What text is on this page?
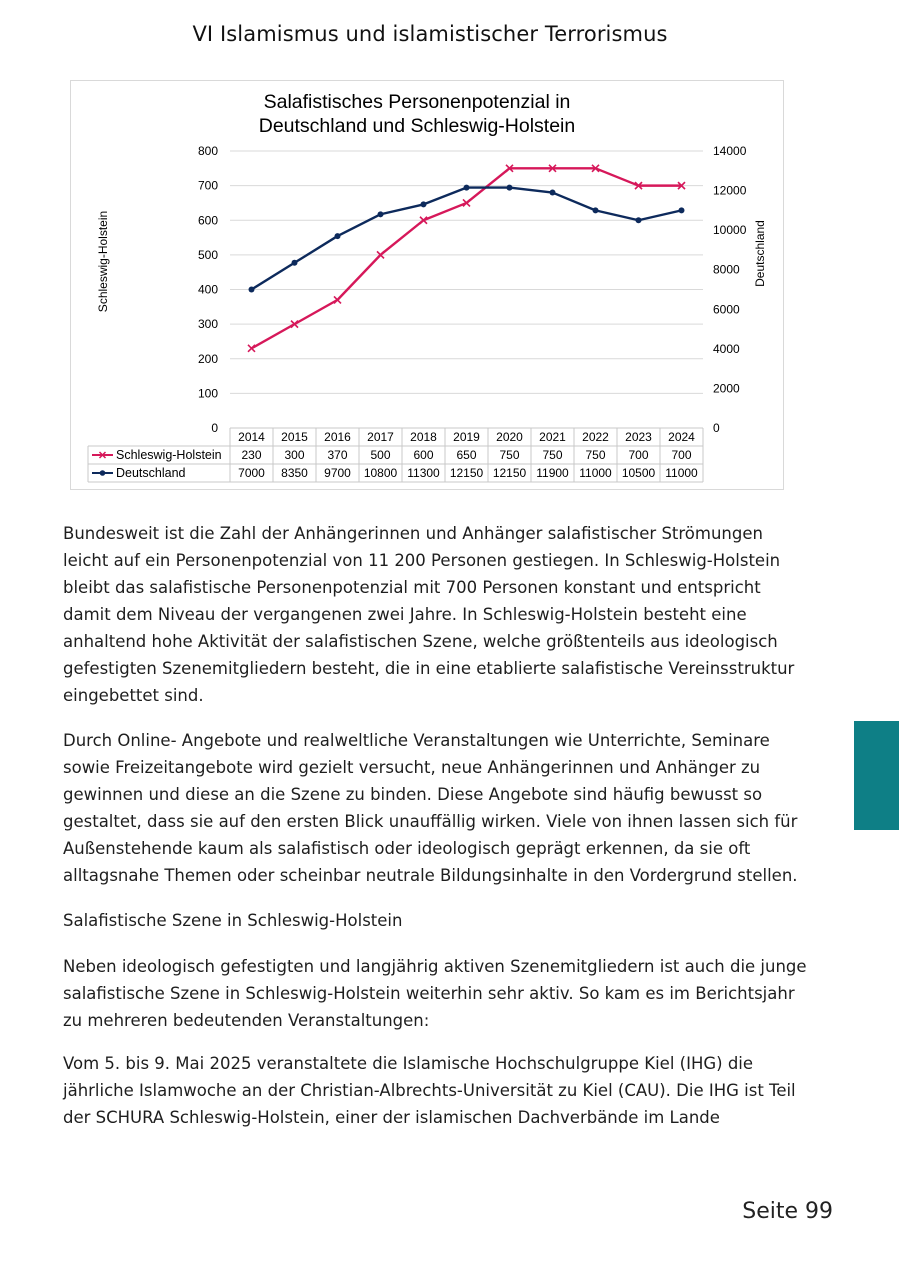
VI Islamismus und islamistischer Terrorismus
Salafistisches Personenpotenzial in
Deutschland und Schleswig-Holstein
0
100
200
300
400
500
600
700
800
0
2000
4000
6000
8000
10000
12000
14000
Schleswig-Holstein	Deutschland
2014 2015 2016 2017 2018 2019 2020 2021 2022 2023 2024
Schleswig-Holstein 230 300 370 500 600 650 750 750 750 700 700
Deutschland	7000 8350 9700 10800 11300 12150 12150 11900 11000 10500 11000
Bundesweit ist die Zahl der Anhängerinnen und Anhänger salafistischer Strömungen leicht auf ein Personenpotenzial von 11 200 Personen gestiegen. In Schleswig-Holstein bleibt das salafistische Personenpotenzial mit 700 Personen konstant und entspricht damit dem Niveau der vergangenen zwei Jahre. In Schleswig-Holstein besteht eine anhaltend hohe Aktivität der salafistischen Szene, welche größtenteils aus ideologisch gefestigten Szenemitgliedern besteht, die in eine etablierte salafistische Vereinsstruktur eingebettet sind.
Durch Online- Angebote und realweltliche Veranstaltungen wie Unterrichte, Seminare sowie Freizeitangebote wird gezielt versucht, neue Anhängerinnen und Anhänger zu gewinnen und diese an die Szene zu binden. Diese Angebote sind häufig bewusst so gestaltet, dass sie auf den ersten Blick unauffällig wirken. Viele von ihnen lassen sich für Außenstehende kaum als salafistisch oder ideologisch geprägt erkennen, da sie oft alltagsnahe Themen oder scheinbar neutrale Bildungsinhalte in den Vordergrund stellen.
Salafistische Szene in Schleswig-Holstein
Neben ideologisch gefestigten und langjährig aktiven Szenemitgliedern ist auch die junge salafistische Szene in Schleswig-Holstein weiterhin sehr aktiv. So kam es im Berichtsjahr zu mehreren bedeutenden Veranstaltungen:
Vom 5. bis 9. Mai 2025 veranstaltete die Islamische Hochschulgruppe Kiel (IHG) die jährliche Islamwoche an der Christian-Albrechts-Universität zu Kiel (CAU). Die IHG ist Teil der SCHURA Schleswig-Holstein, einer der islamischen Dachverbände im Lande
Seite 99
